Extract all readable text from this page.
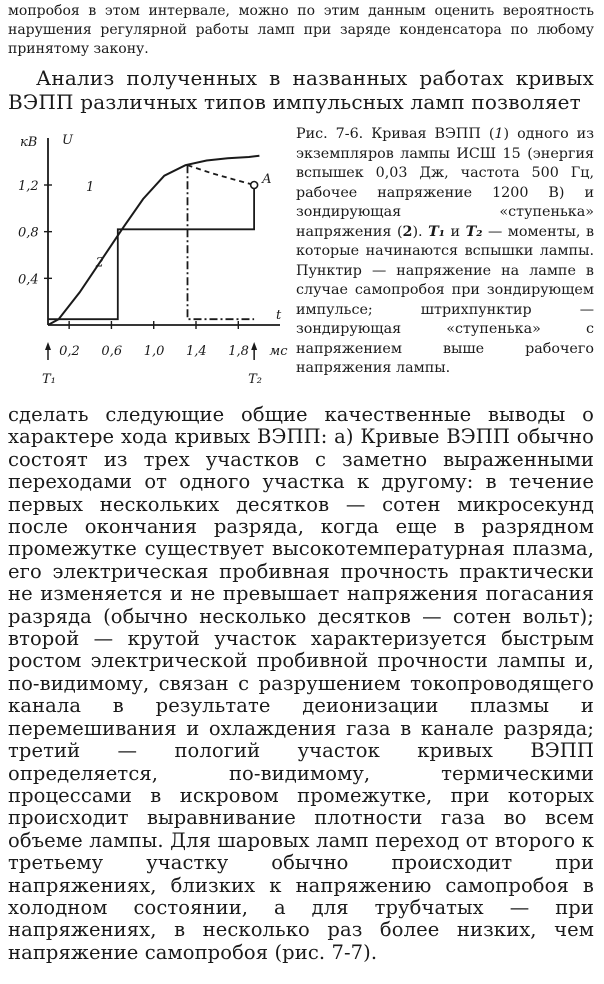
мопробоя в этом интервале, можно по этим данным оценить вероятность нарушения регулярной работы ламп при заряде конденсатора по любому принятому закону.
Анализ полученных в названных работах кривых ВЭПП различных типов импульсных ламп позволяет
1,2
0,8
0,4
0,2 0,6 1,0 1,4 1,8
кВ U
t
мс
1
2
A
T₁	T₂
Рис. 7-6. Кривая ВЭПП (1) одного из экземпляров лампы ИСШ 15 (энергия вспышек 0,03 Дж, частота 500 Гц, рабочее напряжение 1200 В) и зондирующая «ступенька» напряжения (2). T₁ и T₂ — моменты, в которые начинаются вспышки лампы. Пунктир — напряжение на лампе в случае самопробоя при зондирующем импульсе; штрихпунктир — зондирующая «ступенька» с напряжением выше рабочего напряжения лампы.
сделать следующие общие качественные выводы о характере хода кривых ВЭПП: а) Кривые ВЭПП обычно состоят из трех участков с заметно выраженными переходами от одного участка к другому: в течение первых нескольких десятков — сотен микросекунд после окончания разряда, когда еще в разрядном промежутке существует высокотемпературная плазма, его электрическая пробивная прочность практически не изменяется и не превышает напряжения погасания разряда (обычно несколько десятков — сотен вольт); второй — крутой участок характеризуется быстрым ростом электрической пробивной прочности лампы и, по-видимому, связан с разрушением токопроводящего канала в результате деионизации плазмы и перемешивания и охлаждения газа в канале разряда; третий — пологий участок кривых ВЭПП определяется, по-видимому, термическими процессами в искровом промежутке, при которых происходит выравнивание плотности газа во всем объеме лампы. Для шаровых ламп переход от второго к третьему участку обычно происходит при напряжениях, близких к напряжению самопробоя в холодном состоянии, а для трубчатых — при напряжениях, в несколько раз более низких, чем напряжение самопробоя (рис. 7-7).
